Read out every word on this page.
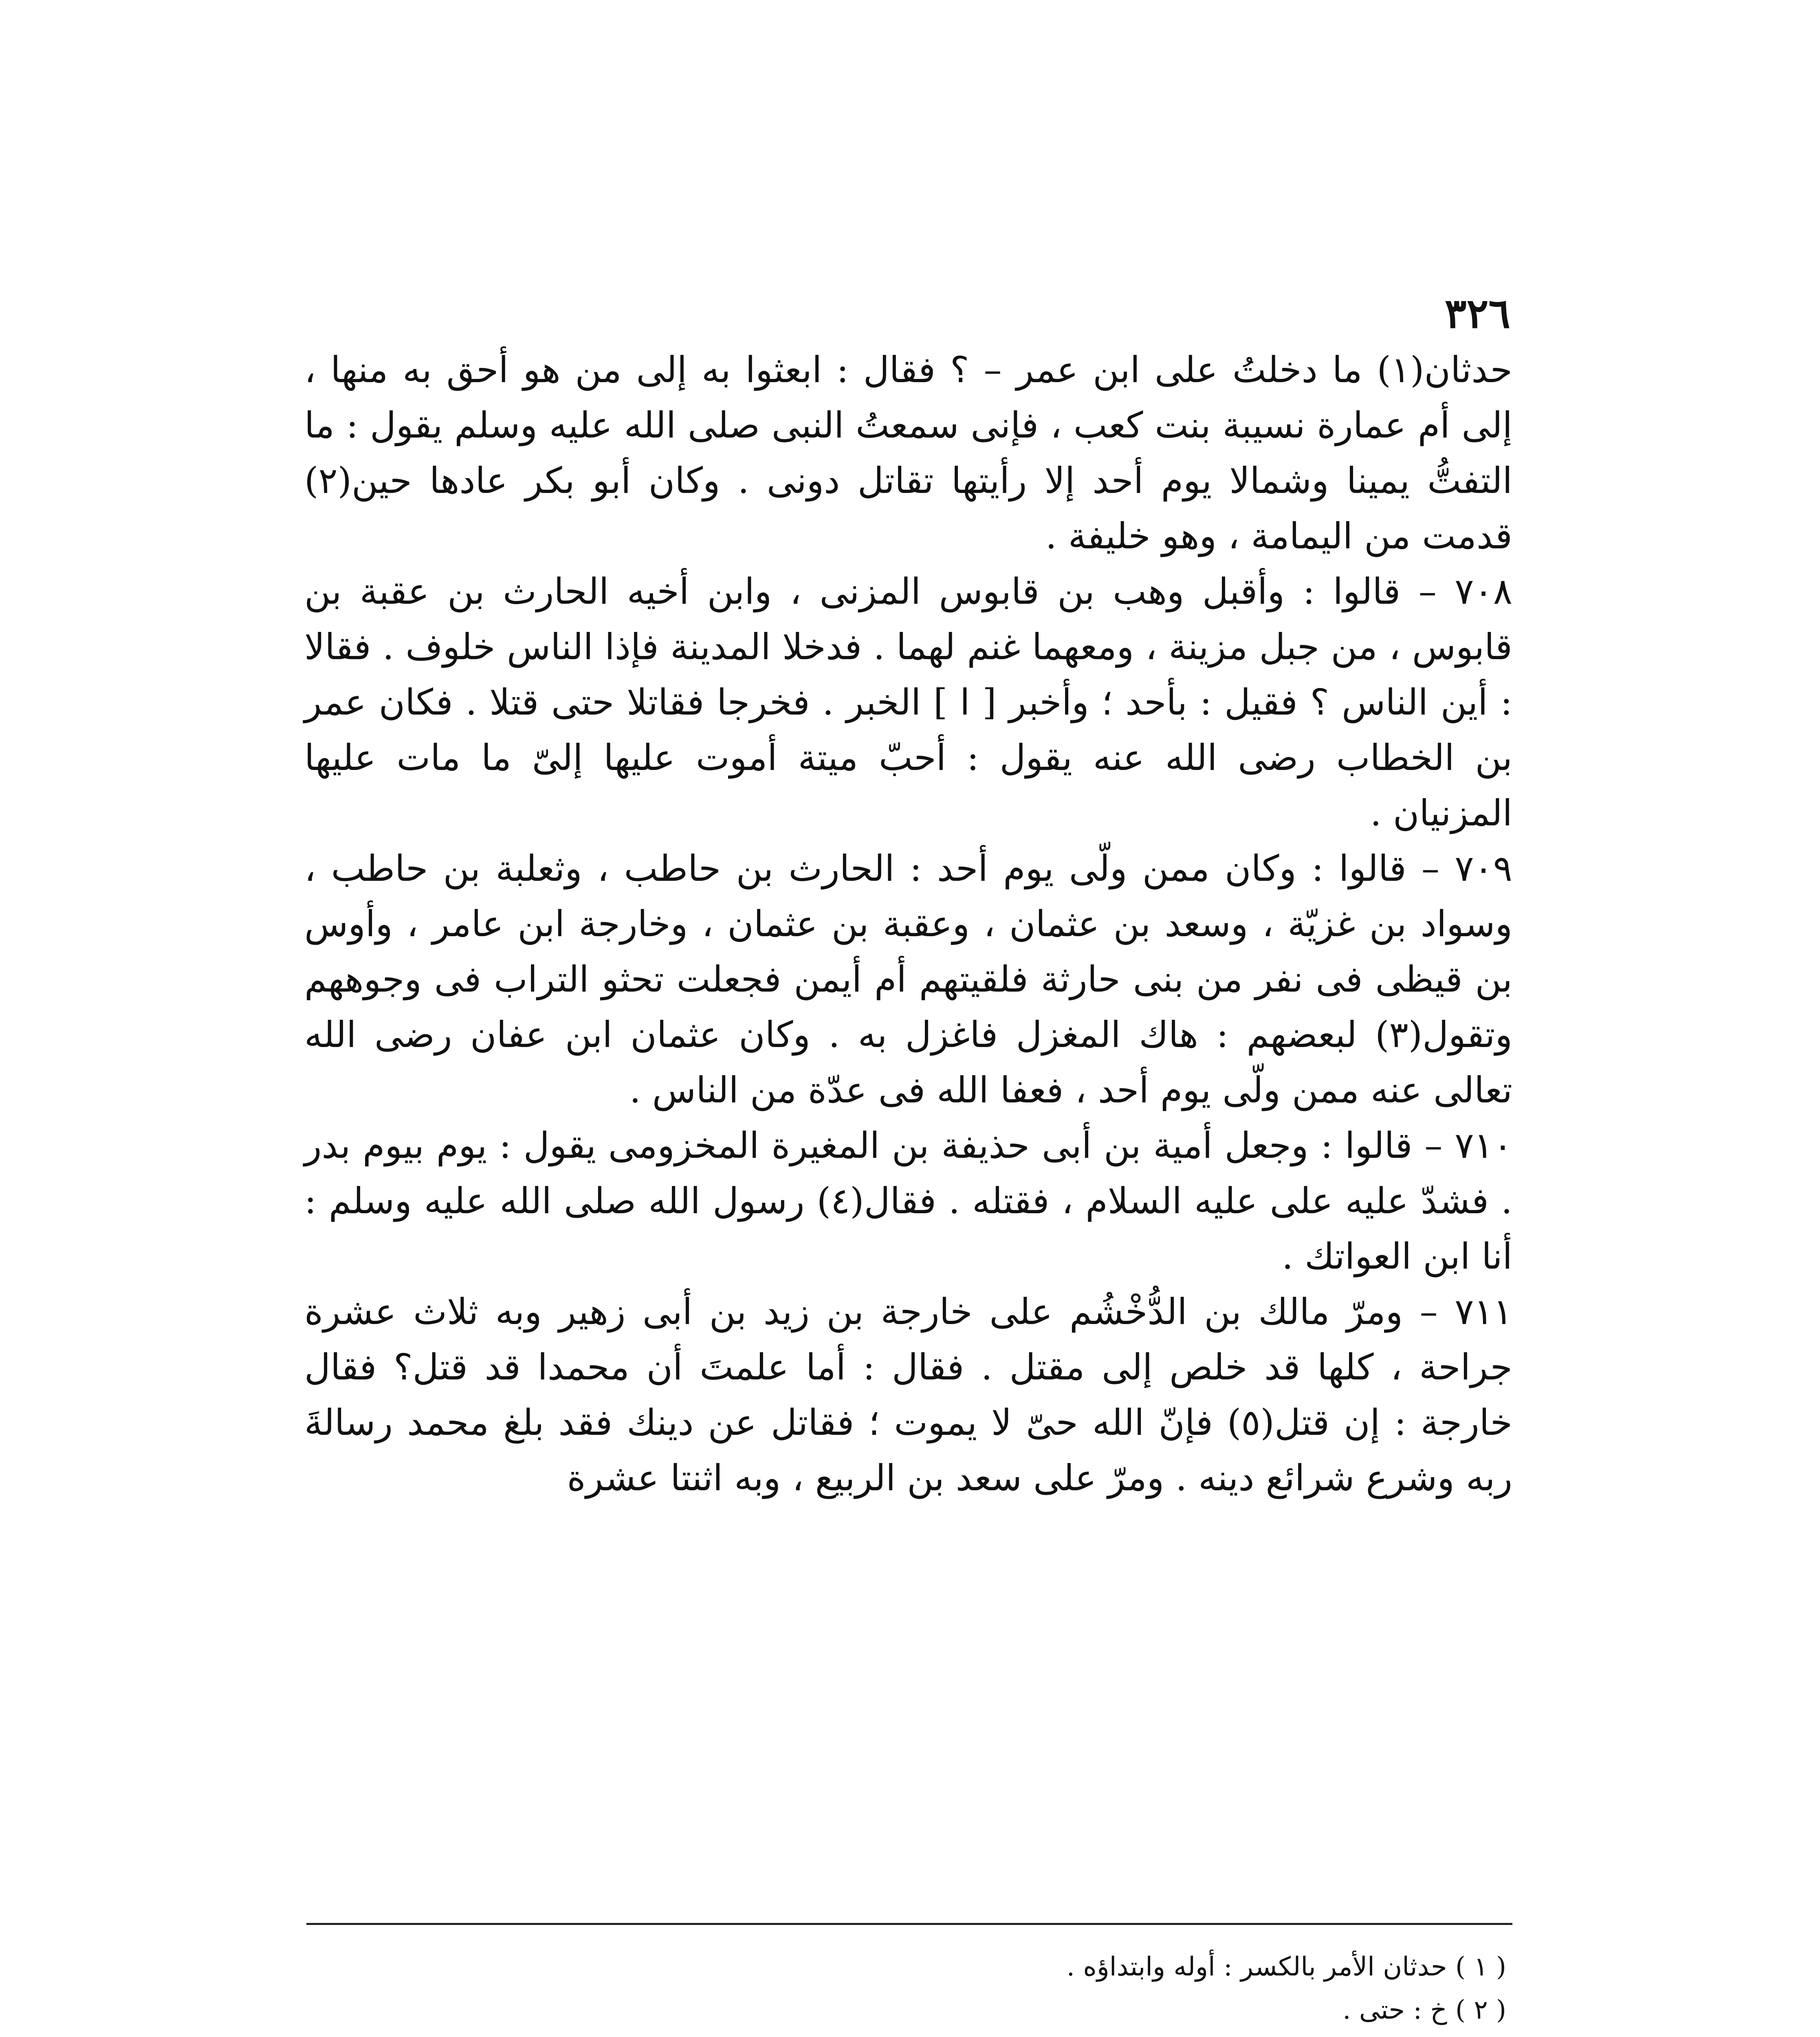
٣٢٦

حدثان(١) ما دخلتُ على ابن عمر – ؟ فقال : ابعثوا به إلى من هو أحق به منها ، إلى أم عمارة نسيبة بنت كعب ، فإنى سمعتُ النبى صلى الله عليه وسلم يقول : ما التفتُّ يمينا وشمالا يوم أحد إلا رأيتها تقاتل دونى . وكان أبو بكر عادها حين(٢) قدمت من اليمامة ، وهو خليفة .

٧٠٨ – قالوا : وأقبل وهب بن قابوس المزنى ، وابن أخيه الحارث بن عقبة بن قابوس ، من جبل مزينة ، ومعهما غنم لهما . فدخلا المدينة فإذا الناس خلوف . فقالا : أين الناس ؟ فقيل : بأحد ؛ وأخبر [ ا ] الخبر . فخرجا فقاتلا حتى قتلا . فكان عمر بن الخطاب رضى الله عنه يقول : أحبّ ميتة أموت عليها إلىّ ما مات عليها المزنيان .

٧٠٩ – قالوا : وكان ممن ولّى يوم أحد : الحارث بن حاطب ، وثعلبة بن حاطب ، وسواد بن غزيّة ، وسعد بن عثمان ، وعقبة بن عثمان ، وخارجة ابن عامر ، وأوس بن قيظى فى نفر من بنى حارثة فلقيتهم أم أيمن فجعلت تحثو التراب فى وجوههم وتقول(٣) لبعضهم : هاك المغزل فاغزل به . وكان عثمان ابن عفان رضى الله تعالى عنه ممن ولّى يوم أحد ، فعفا الله فى عدّة من الناس .

٧١٠ – قالوا : وجعل أمية بن أبى حذيفة بن المغيرة المخزومى يقول : يوم بيوم بدر . فشدّ عليه على عليه السلام ، فقتله . فقال(٤) رسول الله صلى الله عليه وسلم : أنا ابن العواتك .

٧١١ – ومرّ مالك بن الدُّخْشُم على خارجة بن زيد بن أبى زهير وبه ثلاث عشرة جراحة ، كلها قد خلص إلى مقتل . فقال : أما علمتَ أن محمدا قد قتل؟ فقال خارجة : إن قتل(٥) فإنّ الله حىّ لا يموت ؛ فقاتل عن دينك فقد بلغ محمد رسالةَ ربه وشرع شرائع دينه . ومرّ على سعد بن الربيع ، وبه اثنتا عشرة

( ١ ) حدثان الأمر بالكسر : أوله وابتداؤه .

( ٢ ) خ : حتى .
